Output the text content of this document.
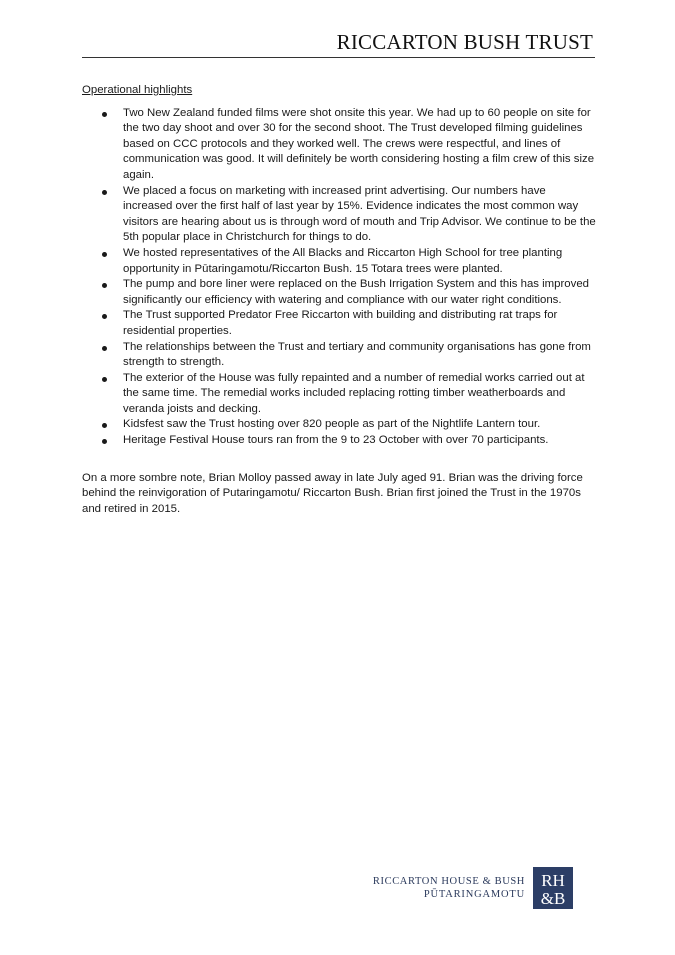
RICCARTON BUSH TRUST
Operational highlights
Two New Zealand funded films were shot onsite this year. We had up to 60 people on site for the two day shoot and over 30 for the second shoot. The Trust developed filming guidelines based on CCC protocols and they worked well. The crews were respectful, and lines of communication was good. It will definitely be worth considering hosting a film crew of this size again.
We placed a focus on marketing with increased print advertising. Our numbers have increased over the first half of last year by 15%. Evidence indicates the most common way visitors are hearing about us is through word of mouth and Trip Advisor. We continue to be the 5th popular place in Christchurch for things to do.
We hosted representatives of the All Blacks and Riccarton High School for tree planting opportunity in Pūtaringamotu/Riccarton Bush. 15 Totara trees were planted.
The pump and bore liner were replaced on the Bush Irrigation System and this has improved significantly our efficiency with watering and compliance with our water right conditions.
The Trust supported Predator Free Riccarton with building and distributing rat traps for residential properties.
The relationships between the Trust and tertiary and community organisations has gone from strength to strength.
The exterior of the House was fully repainted and a number of remedial works carried out at the same time. The remedial works included replacing rotting timber weatherboards and veranda joists and decking.
Kidsfest saw the Trust hosting over 820 people as part of the Nightlife Lantern tour.
Heritage Festival House tours ran from the 9 to 23 October with over 70 participants.

On a more sombre note, Brian Molloy passed away in late July aged 91. Brian was the driving force behind the reinvigoration of Putaringamotu/ Riccarton Bush. Brian first joined the Trust in the 1970s and retired in 2015.

RICCARTON HOUSE & BUSH
PŪTARINGAMOTU
RH
&B
